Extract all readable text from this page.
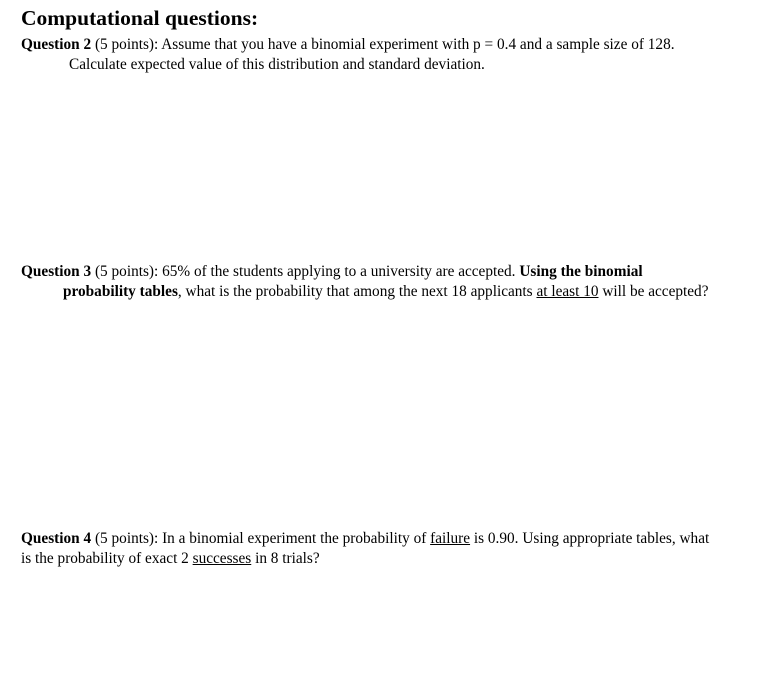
Computational questions:
Question 2 (5 points): Assume that you have a binomial experiment with p = 0.4 and a sample size of 128.
Calculate expected value of this distribution and standard deviation.
Question 3 (5 points): 65% of the students applying to a university are accepted. Using the binomial
probability tables, what is the probability that among the next 18 applicants at least 10 will be accepted?
Question 4 (5 points): In a binomial experiment the probability of failure is 0.90. Using appropriate tables, what
is the probability of exact 2 successes in 8 trials?
